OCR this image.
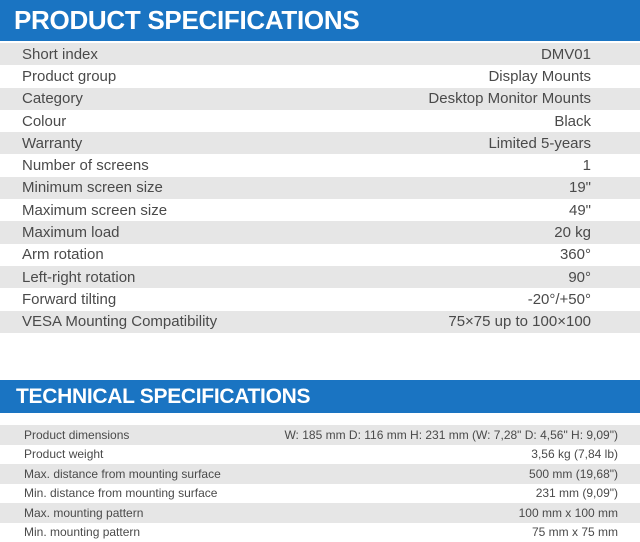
PRODUCT SPECIFICATIONS
Short index	DMV01
Product group	Display Mounts
Category	Desktop Monitor Mounts
Colour	Black
Warranty	Limited 5-years
Number of screens	1
Minimum screen size	19"
Maximum screen size	49"
Maximum load	20 kg
Arm rotation	360°
Left-right rotation	90°
Forward tilting	-20°/+50°
VESA Mounting Compatibility	75×75 up to 100×100
TECHNICAL SPECIFICATIONS
Product dimensions	W: 185 mm D: 116 mm H: 231 mm (W: 7,28" D: 4,56" H: 9,09")
Product weight	3,56 kg (7,84 lb)
Max. distance from mounting surface	500 mm (19,68")
Min. distance from mounting surface	231 mm (9,09")
Max. mounting pattern	100 mm x 100 mm
Min. mounting pattern	75 mm x 75 mm
